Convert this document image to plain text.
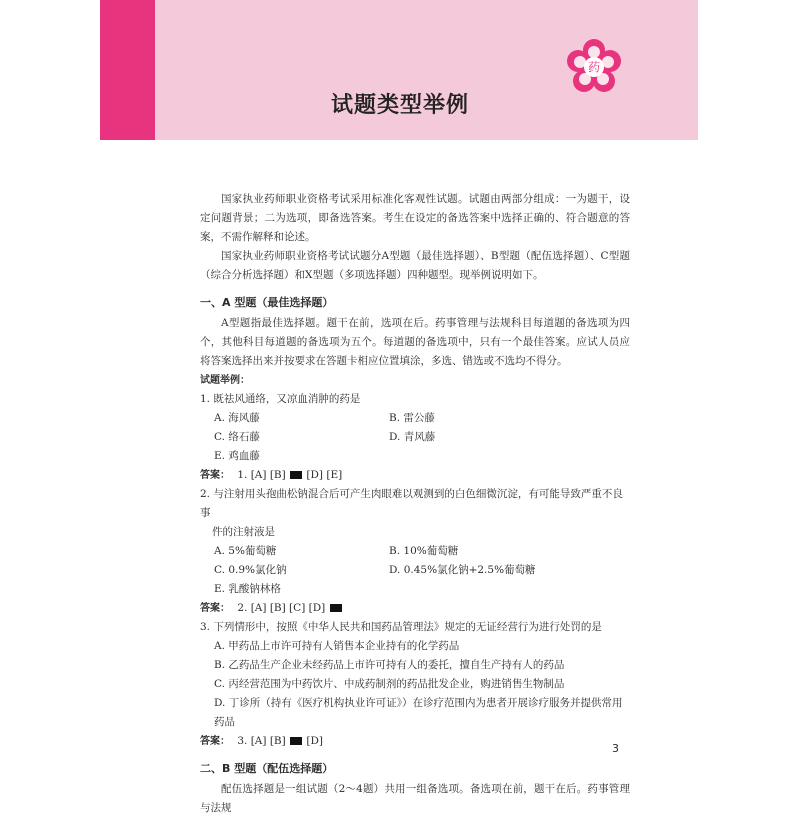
药
试题类型举例

国家执业药师职业资格考试采用标准化客观性试题。试题由两部分组成：一为题干，设定问题背景；二为选项，即备选答案。考生在设定的备选答案中选择正确的、符合题意的答案，不需作解释和论述。

国家执业药师职业资格考试试题分A型题（最佳选择题）、B型题（配伍选择题）、C型题（综合分析选择题）和X型题（多项选择题）四种题型。现举例说明如下。

一、A 型题（最佳选择题）

A型题指最佳选择题。题干在前，选项在后。药事管理与法规科目每道题的备选项为四个，其他科目每道题的备选项为五个。每道题的备选项中，只有一个最佳答案。应试人员应将答案选择出来并按要求在答题卡相应位置填涂，多选、错选或不选均不得分。

试题举例：
1. 既祛风通络，又凉血消肿的药是
A. 海风藤	B. 雷公藤
C. 络石藤	D. 青风藤
E. 鸡血藤
答案： 1. [A] [B] [D] [E]
2. 与注射用头孢曲松钠混合后可产生肉眼难以观测到的白色细微沉淀，有可能导致严重不良事
件的注射液是
A. 5%葡萄糖	B. 10%葡萄糖
C. 0.9%氯化钠	D. 0.45%氯化钠+2.5%葡萄糖
E. 乳酸钠林格
答案： 2. [A] [B] [C] [D]
3. 下列情形中，按照《中华人民共和国药品管理法》规定的无证经营行为进行处罚的是
A. 甲药品上市许可持有人销售本企业持有的化学药品
B. 乙药品生产企业未经药品上市许可持有人的委托，擅自生产持有人的药品
C. 丙经营范围为中药饮片、中成药制剂的药品批发企业，购进销售生物制品
D. 丁诊所（持有《医疗机构执业许可证》）在诊疗范围内为患者开展诊疗服务并提供常用药品
答案： 3. [A] [B] [D]
二、B 型题（配伍选择题）

配伍选择题是一组试题（2～4题）共用一组备选项。备选项在前，题干在后。药事管理与法规

3
